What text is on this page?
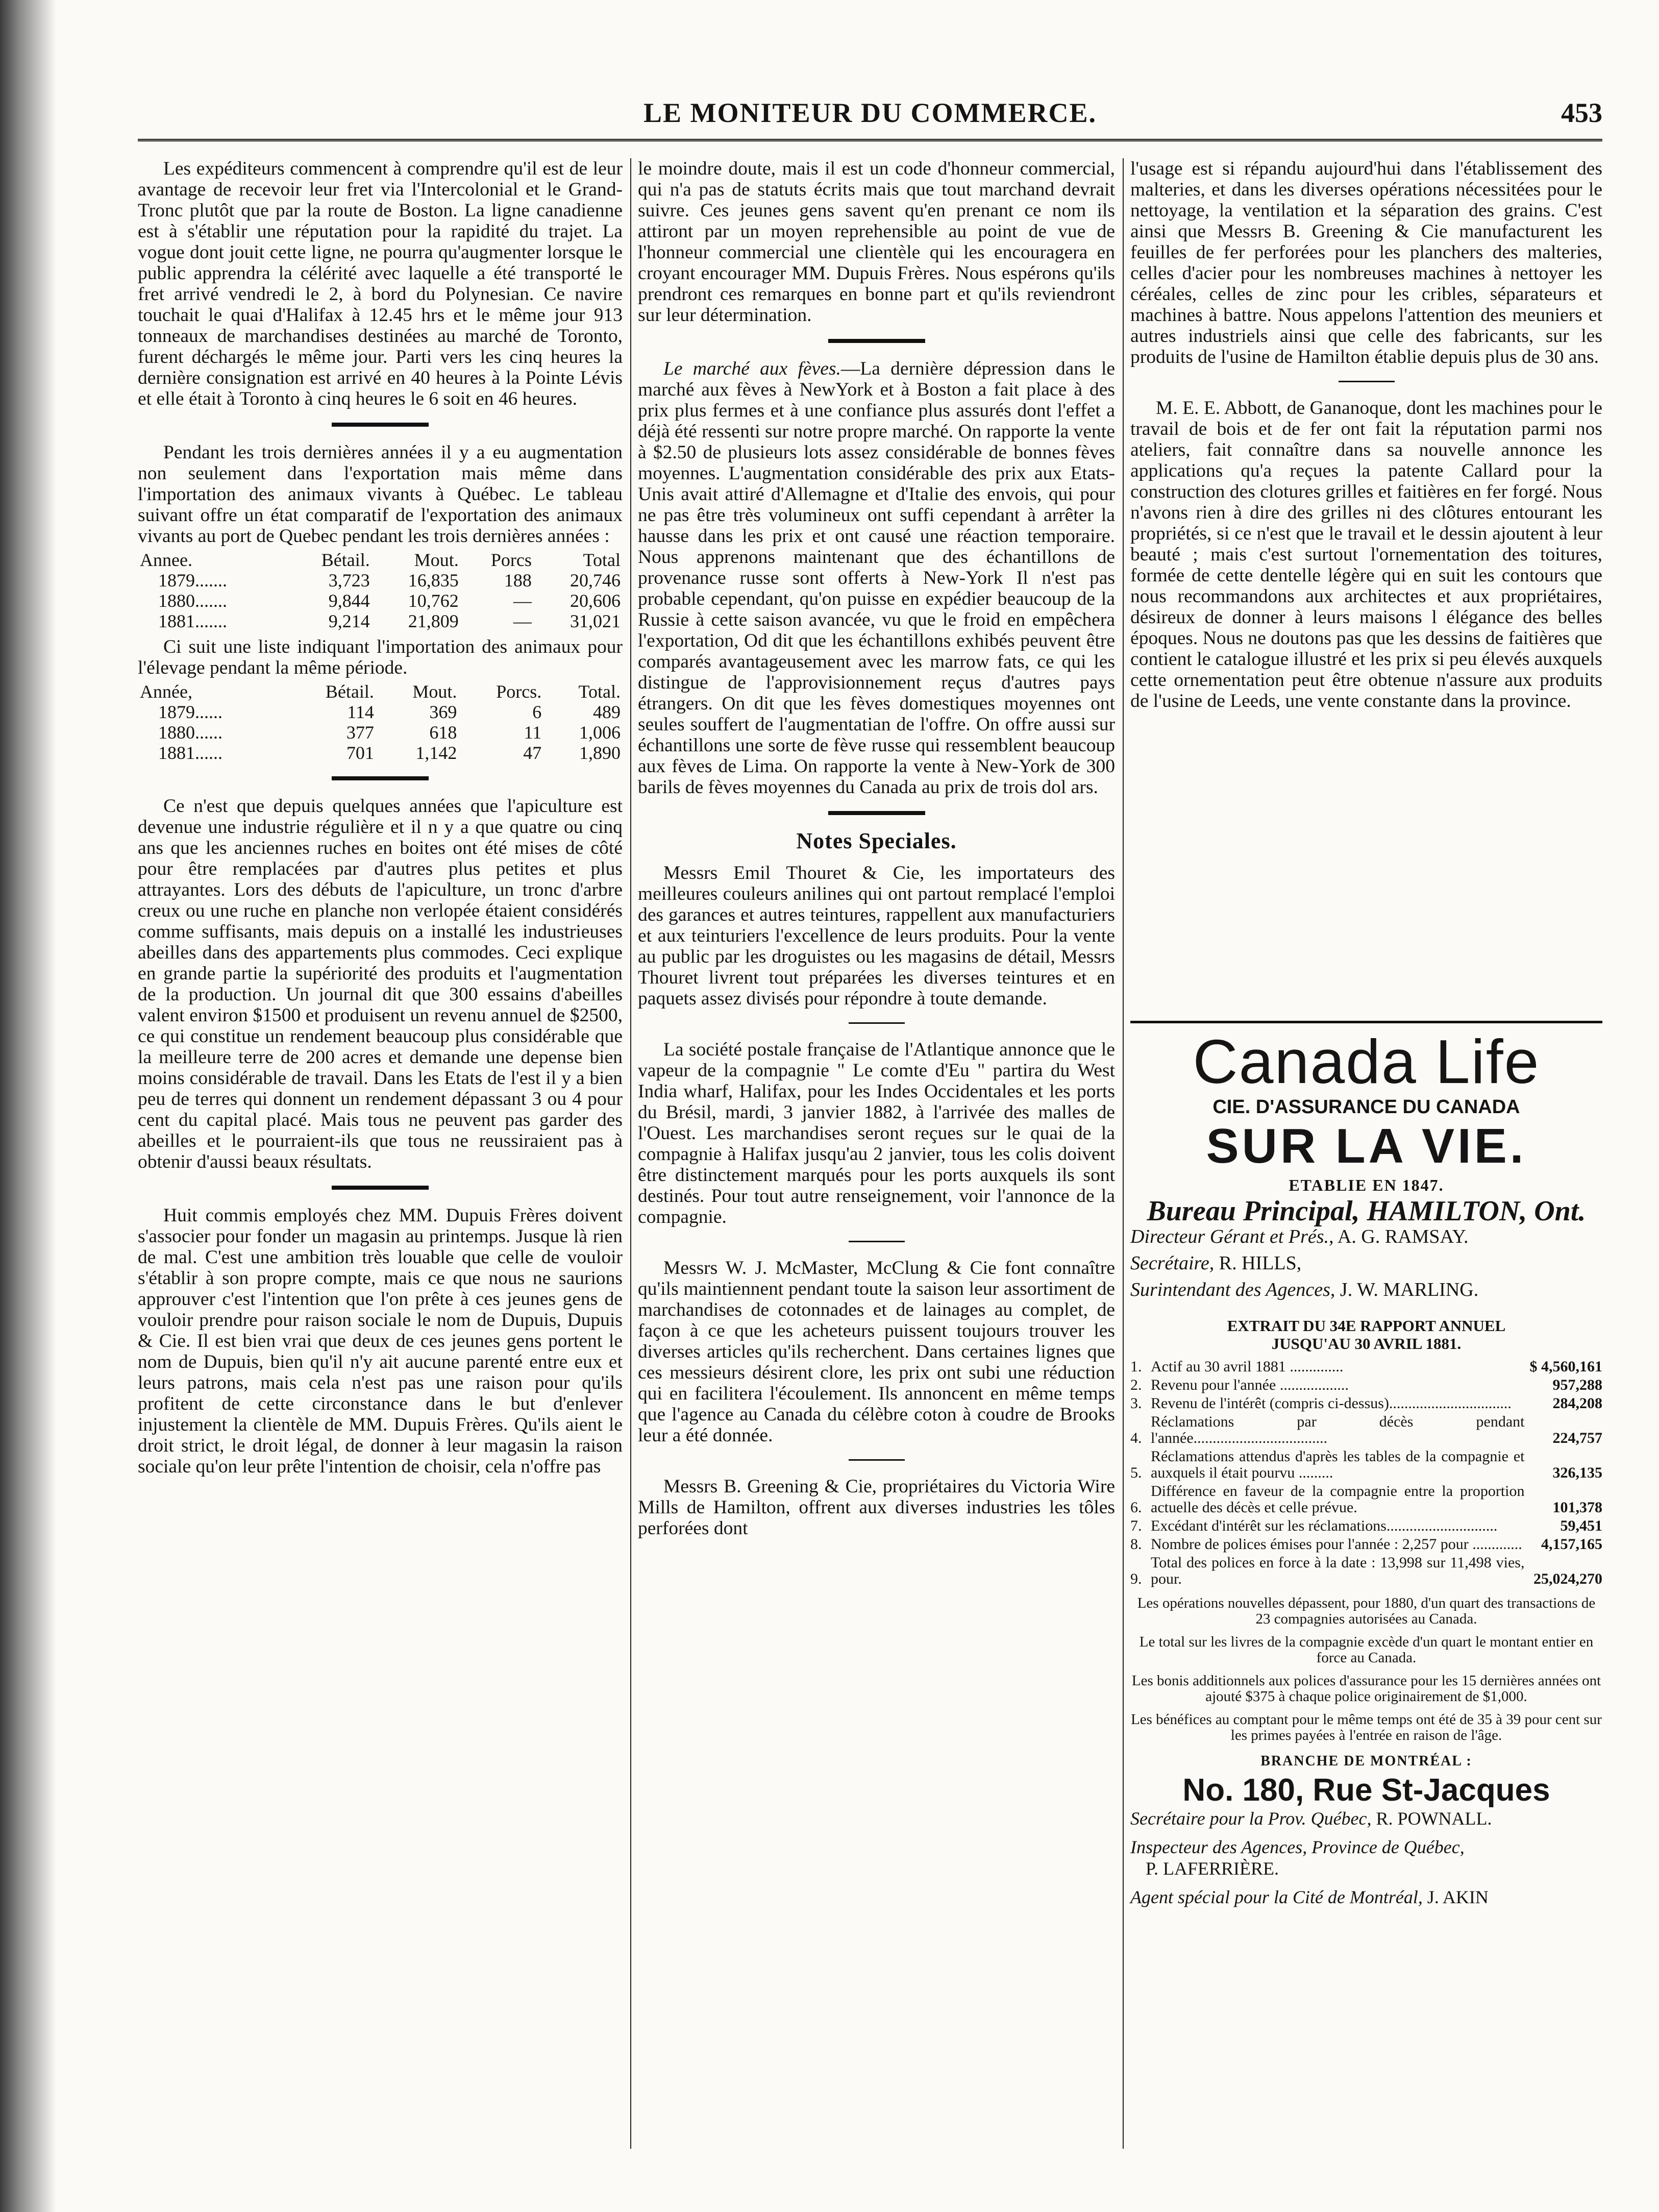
LE MONITEUR DU COMMERCE.	453

Les expéditeurs commencent à comprendre qu'il est de leur avantage de recevoir leur fret via l'Intercolonial et le Grand-Tronc plutôt que par la route de Boston. La ligne canadienne est à s'établir une réputation pour la rapidité du trajet. La vogue dont jouit cette ligne, ne pourra qu'augmenter lorsque le public apprendra la célérité avec laquelle a été transporté le fret arrivé vendredi le 2, à bord du Polynesian. Ce navire touchait le quai d'Halifax à 12.45 hrs et le même jour 913 tonneaux de marchandises destinées au marché de Toronto, furent déchargés le même jour. Parti vers les cinq heures la dernière consignation est arrivé en 40 heures à la Pointe Lévis et elle était à Toronto à cinq heures le 6 soit en 46 heures.

Pendant les trois dernières années il y a eu augmentation non seulement dans l'exportation mais même dans l'importation des animaux vivants à Québec. Le tableau suivant offre un état comparatif de l'exportation des animaux vivants au port de Quebec pendant les trois dernières années :

Annee.	Bétail.	Mout.	Porcs	Total
1879.......	3,723	16,835	188	20,746
1880.......	9,844	10,762	—	20,606
1881.......	9,214	21,809	—	31,021

Ci suit une liste indiquant l'importation des animaux pour l'élevage pendant la même période.

Année,	Bétail.	Mout.	Porcs.	Total.
1879......	114	369	6	489
1880......	377	618	11	1,006
1881......	701	1,142	47	1,890

Ce n'est que depuis quelques années que l'apiculture est devenue une industrie régulière et il n y a que quatre ou cinq ans que les anciennes ruches en boites ont été mises de côté pour être remplacées par d'autres plus petites et plus attrayantes. Lors des débuts de l'apiculture, un tronc d'arbre creux ou une ruche en planche non verlopée étaient considérés comme suffisants, mais depuis on a installé les industrieuses abeilles dans des appartements plus commodes. Ceci explique en grande partie la supériorité des produits et l'augmentation de la production. Un journal dit que 300 essains d'abeilles valent environ $1500 et produisent un revenu annuel de $2500, ce qui constitue un rendement beaucoup plus considérable que la meilleure terre de 200 acres et demande une depense bien moins considérable de travail. Dans les Etats de l'est il y a bien peu de terres qui donnent un rendement dépassant 3 ou 4 pour cent du capital placé. Mais tous ne peuvent pas garder des abeilles et le pourraient-ils que tous ne reussiraient pas à obtenir d'aussi beaux résultats.

Huit commis employés chez MM. Dupuis Frères doivent s'associer pour fonder un magasin au printemps. Jusque là rien de mal. C'est une ambition très louable que celle de vouloir s'établir à son propre compte, mais ce que nous ne saurions approuver c'est l'intention que l'on prête à ces jeunes gens de vouloir prendre pour raison sociale le nom de Dupuis, Dupuis & Cie. Il est bien vrai que deux de ces jeunes gens portent le nom de Dupuis, bien qu'il n'y ait aucune parenté entre eux et leurs patrons, mais cela n'est pas une raison pour qu'ils profitent de cette circonstance dans le but d'enlever injustement la clientèle de MM. Dupuis Frères. Qu'ils aient le droit strict, le droit légal, de donner à leur magasin la raison sociale qu'on leur prête l'intention de choisir, cela n'offre pas

le moindre doute, mais il est un code d'honneur commercial, qui n'a pas de statuts écrits mais que tout marchand devrait suivre. Ces jeunes gens savent qu'en prenant ce nom ils attiront par un moyen reprehensible au point de vue de l'honneur commercial une clientèle qui les encouragera en croyant encourager MM. Dupuis Frères. Nous espérons qu'ils prendront ces remarques en bonne part et qu'ils reviendront sur leur détermination.

Le marché aux fèves.—La dernière dépression dans le marché aux fèves à NewYork et à Boston a fait place à des prix plus fermes et à une confiance plus assurés dont l'effet a déjà été ressenti sur notre propre marché. On rapporte la vente à $2.50 de plusieurs lots assez considérable de bonnes fèves moyennes. L'augmentation considérable des prix aux Etats-Unis avait attiré d'Allemagne et d'Italie des envois, qui pour ne pas être très volumineux ont suffi cependant à arrêter la hausse dans les prix et ont causé une réaction temporaire. Nous apprenons maintenant que des échantillons de provenance russe sont offerts à New-York Il n'est pas probable cependant, qu'on puisse en expédier beaucoup de la Russie à cette saison avancée, vu que le froid en empêchera l'exportation, Od dit que les échantillons exhibés peuvent être comparés avantageusement avec les marrow fats, ce qui les distingue de l'approvisionnement reçus d'autres pays étrangers. On dit que les fèves domestiques moyennes ont seules souffert de l'augmentatian de l'offre. On offre aussi sur échantillons une sorte de fève russe qui ressemblent beaucoup aux fèves de Lima. On rapporte la vente à New-York de 300 barils de fèves moyennes du Canada au prix de trois dol ars.

Notes Speciales.

Messrs Emil Thouret & Cie, les importateurs des meilleures couleurs anilines qui ont partout remplacé l'emploi des garances et autres teintures, rappellent aux manufacturiers et aux teinturiers l'excellence de leurs produits. Pour la vente au public par les droguistes ou les magasins de détail, Messrs Thouret livrent tout préparées les diverses teintures et en paquets assez divisés pour répondre à toute demande.

La société postale française de l'Atlantique annonce que le vapeur de la compagnie " Le comte d'Eu " partira du West India wharf, Halifax, pour les Indes Occidentales et les ports du Brésil, mardi, 3 janvier 1882, à l'arrivée des malles de l'Ouest. Les marchandises seront reçues sur le quai de la compagnie à Halifax jusqu'au 2 janvier, tous les colis doivent être distinctement marqués pour les ports auxquels ils sont destinés. Pour tout autre renseignement, voir l'annonce de la compagnie.

Messrs W. J. McMaster, McClung & Cie font connaître qu'ils maintiennent pendant toute la saison leur assortiment de marchandises de cotonnades et de lainages au complet, de façon à ce que les acheteurs puissent toujours trouver les diverses articles qu'ils recherchent. Dans certaines lignes que ces messieurs désirent clore, les prix ont subi une réduction qui en facilitera l'écoulement. Ils annoncent en même temps que l'agence au Canada du célèbre coton à coudre de Brooks leur a été donnée.

Messrs B. Greening & Cie, propriétaires du Victoria Wire Mills de Hamilton, offrent aux diverses industries les tôles perforées dont

l'usage est si répandu aujourd'hui dans l'établissement des malteries, et dans les diverses opérations nécessitées pour le nettoyage, la ventilation et la séparation des grains. C'est ainsi que Messrs B. Greening & Cie manufacturent les feuilles de fer perforées pour les planchers des malteries, celles d'acier pour les nombreuses machines à nettoyer les céréales, celles de zinc pour les cribles, séparateurs et machines à battre. Nous appelons l'attention des meuniers et autres industriels ainsi que celle des fabricants, sur les produits de l'usine de Hamilton établie depuis plus de 30 ans.

M. E. E. Abbott, de Gananoque, dont les machines pour le travail de bois et de fer ont fait la réputation parmi nos ateliers, fait connaître dans sa nouvelle annonce les applications qu'a reçues la patente Callard pour la construction des clotures grilles et faitières en fer forgé. Nous n'avons rien à dire des grilles ni des clôtures entourant les propriétés, si ce n'est que le travail et le dessin ajoutent à leur beauté ; mais c'est surtout l'ornementation des toitures, formée de cette dentelle légère qui en suit les contours que nous recommandons aux architectes et aux propriétaires, désireux de donner à leurs maisons l élégance des belles époques. Nous ne doutons pas que les dessins de faitières que contient le catalogue illustré et les prix si peu élevés auxquels cette ornementation peut être obtenue n'assure aux produits de l'usine de Leeds, une vente constante dans la province.

Canada Life
CIE. D'ASSURANCE DU CANADA
SUR LA VIE.
ETABLIE EN 1847.
Bureau Principal, HAMILTON, Ont.
Directeur Gérant et Prés., A. G. RAMSAY.
Secrétaire, R. HILLS,
Surintendant des Agences, J. W. MARLING.
EXTRAIT DU 34E RAPPORT ANNUEL
JUSQU'AU 30 AVRIL 1881.
1.	Actif au 30 avril 1881 ..............	$ 4,560,161
2.	Revenu pour l'année ..................	957,288
3.	Revenu de l'intérêt (compris ci-dessus)................................	284,208
4.	Réclamations par décès pendant l'année...................................	224,757
5.	Réclamations attendus d'après les tables de la compagnie et auxquels il était pourvu .........	326,135
6.	Différence en faveur de la compagnie entre la proportion actuelle des décès et celle prévue.	101,378
7.	Excédant d'intérêt sur les réclamations.............................	59,451
8.	Nombre de polices émises pour l'année : 2,257 pour .............	4,157,165
9.	Total des polices en force à la date : 13,998 sur 11,498 vies, pour.	25,024,270
Les opérations nouvelles dépassent, pour 1880, d'un quart des transactions de 23 compagnies autorisées au Canada.
Le total sur les livres de la compagnie excède d'un quart le montant entier en force au Canada.
Les bonis additionnels aux polices d'assurance pour les 15 dernières années ont ajouté $375 à chaque police originairement de $1,000.
Les bénéfices au comptant pour le même temps ont été de 35 à 39 pour cent sur les primes payées à l'entrée en raison de l'âge.
BRANCHE DE MONTRÉAL :
No. 180, Rue St-Jacques
Secrétaire pour la Prov. Québec, R. POWNALL.
Inspecteur des Agences, Province de Québec,
P. LAFERRIÈRE.
Agent spécial pour la Cité de Montréal, J. AKIN
